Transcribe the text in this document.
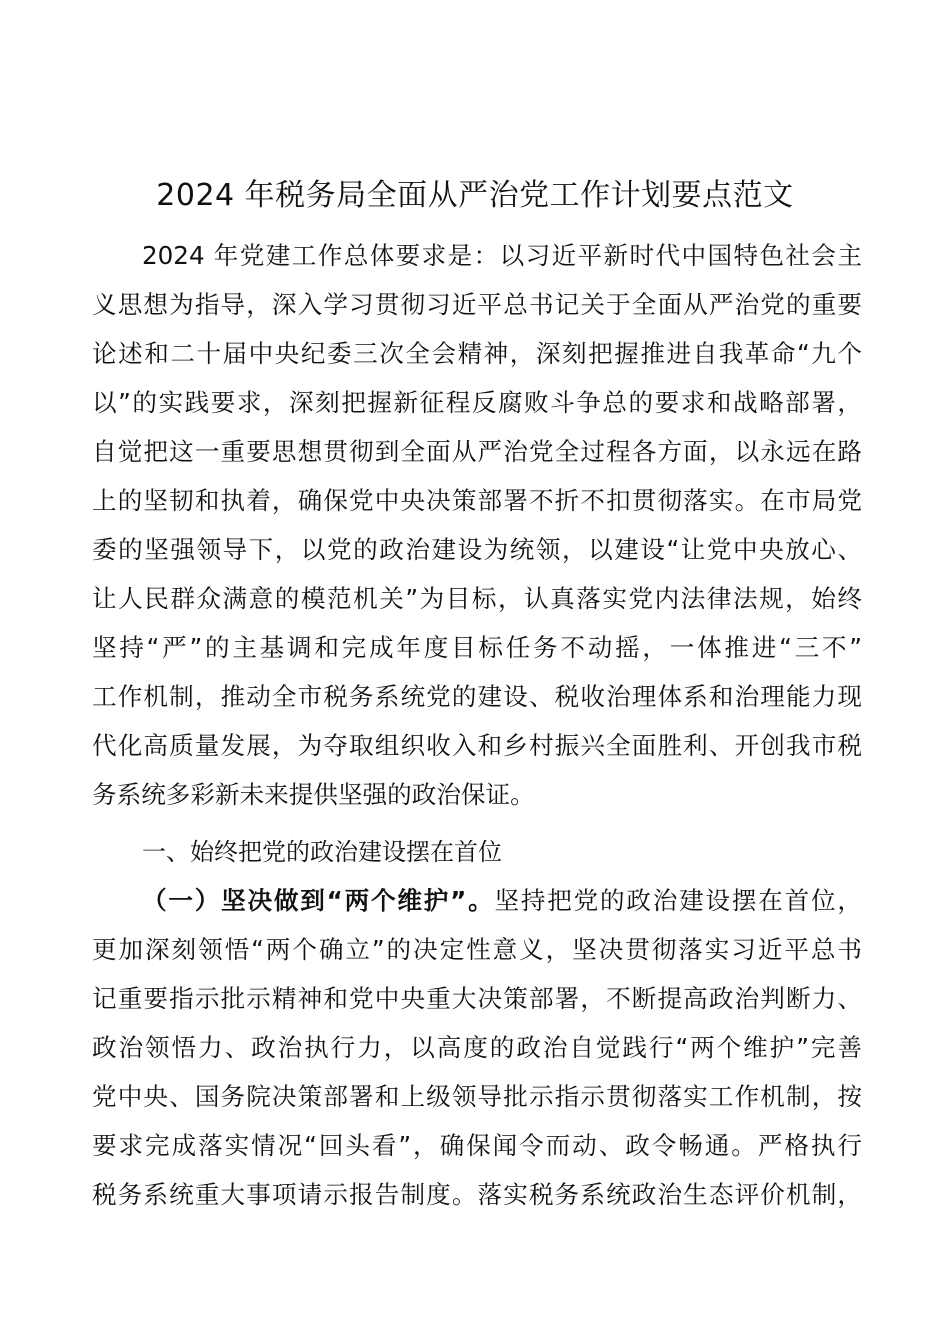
2024 年税务局全面从严治党工作计划要点范文
2024 年党建工作总体要求是：以习近平新时代中国特色社会主
义思想为指导，深入学习贯彻习近平总书记关于全面从严治党的重要
论述和二十届中央纪委三次全会精神，深刻把握推进自我革命“九个
以”的实践要求，深刻把握新征程反腐败斗争总的要求和战略部署，
自觉把这一重要思想贯彻到全面从严治党全过程各方面，以永远在路
上的坚韧和执着，确保党中央决策部署不折不扣贯彻落实。在市局党
委的坚强领导下，以党的政治建设为统领，以建设“让党中央放心、
让人民群众满意的模范机关”为目标，认真落实党内法律法规，始终
坚持“严”的主基调和完成年度目标任务不动摇，一体推进“三不”
工作机制，推动全市税务系统党的建设、税收治理体系和治理能力现
代化高质量发展，为夺取组织收入和乡村振兴全面胜利、开创我市税
务系统多彩新未来提供坚强的政治保证。
一、始终把党的政治建设摆在首位
（一）坚决做到“两个维护”。坚持把党的政治建设摆在首位，
更加深刻领悟“两个确立”的决定性意义，坚决贯彻落实习近平总书
记重要指示批示精神和党中央重大决策部署，不断提高政治判断力、
政治领悟力、政治执行力，以高度的政治自觉践行“两个维护”完善
党中央、国务院决策部署和上级领导批示指示贯彻落实工作机制，按
要求完成落实情况“回头看”，确保闻令而动、政令畅通。严格执行
税务系统重大事项请示报告制度。落实税务系统政治生态评价机制，
